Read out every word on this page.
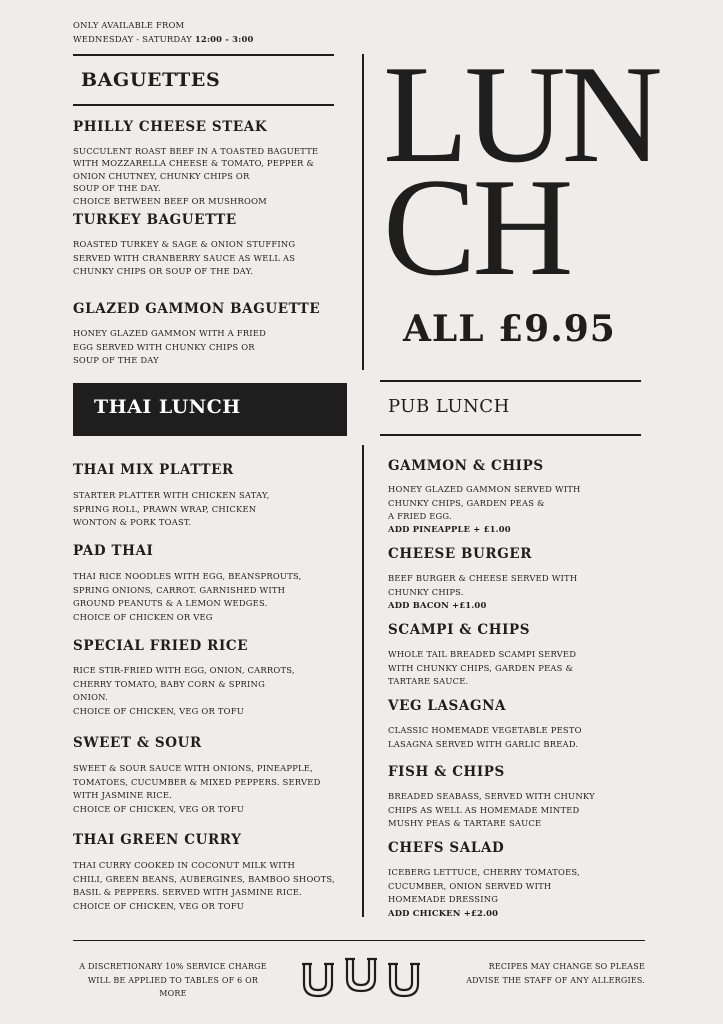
ONLY AVAILABLE FROM
WEDNESDAY - SATURDAY 12:00 - 3:00
BAGUETTES
PHILLY CHEESE STEAK
SUCCULENT ROAST BEEF IN A TOASTED BAGUETTE
WITH MOZZARELLA CHEESE & TOMATO, PEPPER &
ONION CHUTNEY, CHUNKY CHIPS OR
SOUP OF THE DAY.
CHOICE BETWEEN BEEF OR MUSHROOM
TURKEY BAGUETTE
ROASTED TURKEY & SAGE & ONION STUFFING
SERVED WITH CRANBERRY SAUCE AS WELL AS
CHUNKY CHIPS OR SOUP OF THE DAY.
GLAZED GAMMON BAGUETTE
HONEY GLAZED GAMMON WITH A FRIED
EGG SERVED WITH CHUNKY CHIPS OR
SOUP OF THE DAY
LUN
CH
ALL £9.95
THAI LUNCH	PUB LUNCH
THAI MIX PLATTER
STARTER PLATTER WITH CHICKEN SATAY,
SPRING ROLL, PRAWN WRAP, CHICKEN
WONTON & PORK TOAST.
PAD THAI
THAI RICE NOODLES WITH EGG, BEANSPROUTS,
SPRING ONIONS, CARROT. GARNISHED WITH
GROUND PEANUTS & A LEMON WEDGES.
CHOICE OF CHICKEN OR VEG
SPECIAL FRIED RICE
RICE STIR-FRIED WITH EGG, ONION, CARROTS,
CHERRY TOMATO, BABY CORN & SPRING
ONION.
CHOICE OF CHICKEN, VEG OR TOFU
SWEET & SOUR
SWEET & SOUR SAUCE WITH ONIONS, PINEAPPLE,
TOMATOES, CUCUMBER & MIXED PEPPERS. SERVED
WITH JASMINE RICE.
CHOICE OF CHICKEN, VEG OR TOFU
THAI GREEN CURRY
THAI CURRY COOKED IN COCONUT MILK WITH
CHILI, GREEN BEANS, AUBERGINES, BAMBOO SHOOTS,
BASIL & PEPPERS. SERVED WITH JASMINE RICE.
CHOICE OF CHICKEN, VEG OR TOFU
GAMMON & CHIPS
HONEY GLAZED GAMMON SERVED WITH
CHUNKY CHIPS, GARDEN PEAS &
A FRIED EGG.
ADD PINEAPPLE + £1.00
CHEESE BURGER
BEEF BURGER & CHEESE SERVED WITH
CHUNKY CHIPS.
ADD BACON +£1.00
SCAMPI & CHIPS
WHOLE TAIL BREADED SCAMPI SERVED
WITH CHUNKY CHIPS, GARDEN PEAS &
TARTARE SAUCE.
VEG LASAGNA
CLASSIC HOMEMADE VEGETABLE PESTO
LASAGNA SERVED WITH GARLIC BREAD.
FISH & CHIPS
BREADED SEABASS, SERVED WITH CHUNKY
CHIPS AS WELL AS HOMEMADE MINTED
MUSHY PEAS & TARTARE SAUCE
CHEFS SALAD
ICEBERG LETTUCE, CHERRY TOMATOES,
CUCUMBER, ONION SERVED WITH
HOMEMADE DRESSING
ADD CHICKEN +£2.00
A DISCRETIONARY 10% SERVICE CHARGE
WILL BE APPLIED TO TABLES OF 6 OR MORE
RECIPES MAY CHANGE SO PLEASE
ADVISE THE STAFF OF ANY ALLERGIES.
